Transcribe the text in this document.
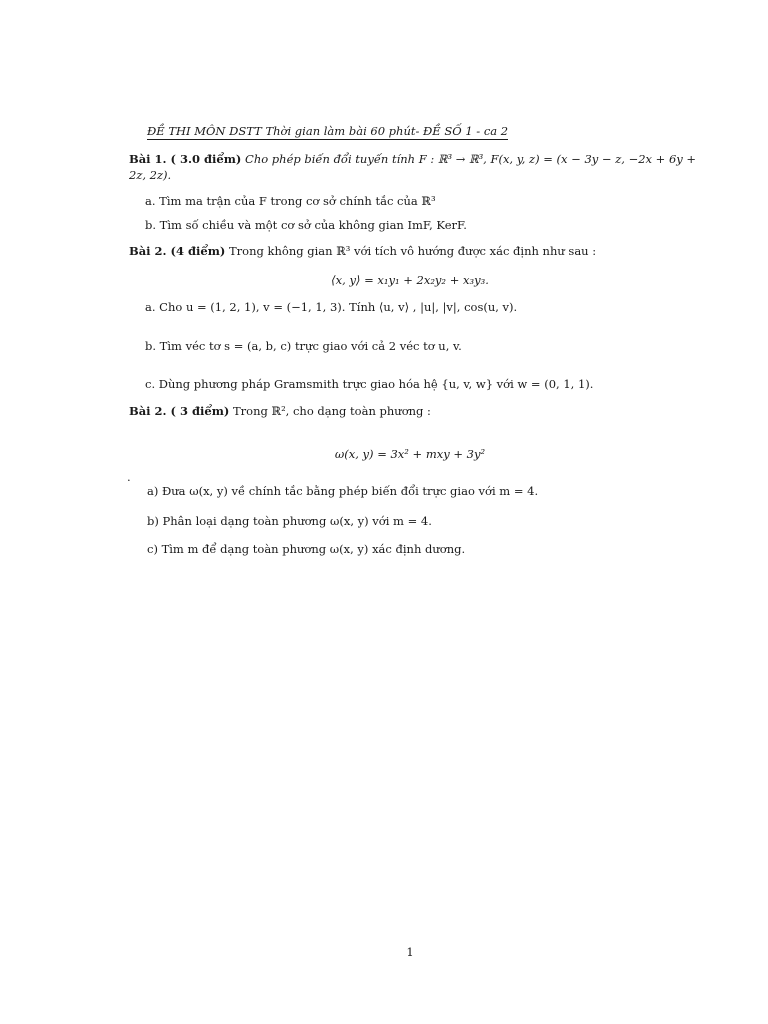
ĐỀ THI MÔN DSTT Thời gian làm bài 60 phút- ĐỀ SỐ 1 - ca 2
Bài 1. ( 3.0 điểm) Cho phép biến đổi tuyến tính F : ℝ³ → ℝ³, F(x, y, z) = (x − 3y − z, −2x + 6y +
2z, 2z).
a. Tìm ma trận của F trong cơ sở chính tắc của ℝ³
b. Tìm số chiều và một cơ sở của không gian ImF, KerF.
Bài 2. (4 điểm) Trong không gian ℝ³ với tích vô hướng được xác định như sau :
⟨x, y⟩ = x₁y₁ + 2x₂y₂ + x₃y₃.
a. Cho u = (1, 2, 1), v = (−1, 1, 3). Tính ⟨u, v⟩ , |u|, |v|, cos(u, v).
b. Tìm véc tơ s = (a, b, c) trực giao với cả 2 véc tơ u, v.
c. Dùng phương pháp Gramsmith trực giao hóa hệ {u, v, w} với w = (0, 1, 1).
Bài 2. ( 3 điểm) Trong ℝ², cho dạng toàn phương :
ω(x, y) = 3x² + mxy + 3y²
.
a) Đưa ω(x, y) về chính tắc bằng phép biến đổi trực giao với m = 4.
b) Phân loại dạng toàn phương ω(x, y) với m = 4.
c) Tìm m để dạng toàn phương ω(x, y) xác định dương.
1
